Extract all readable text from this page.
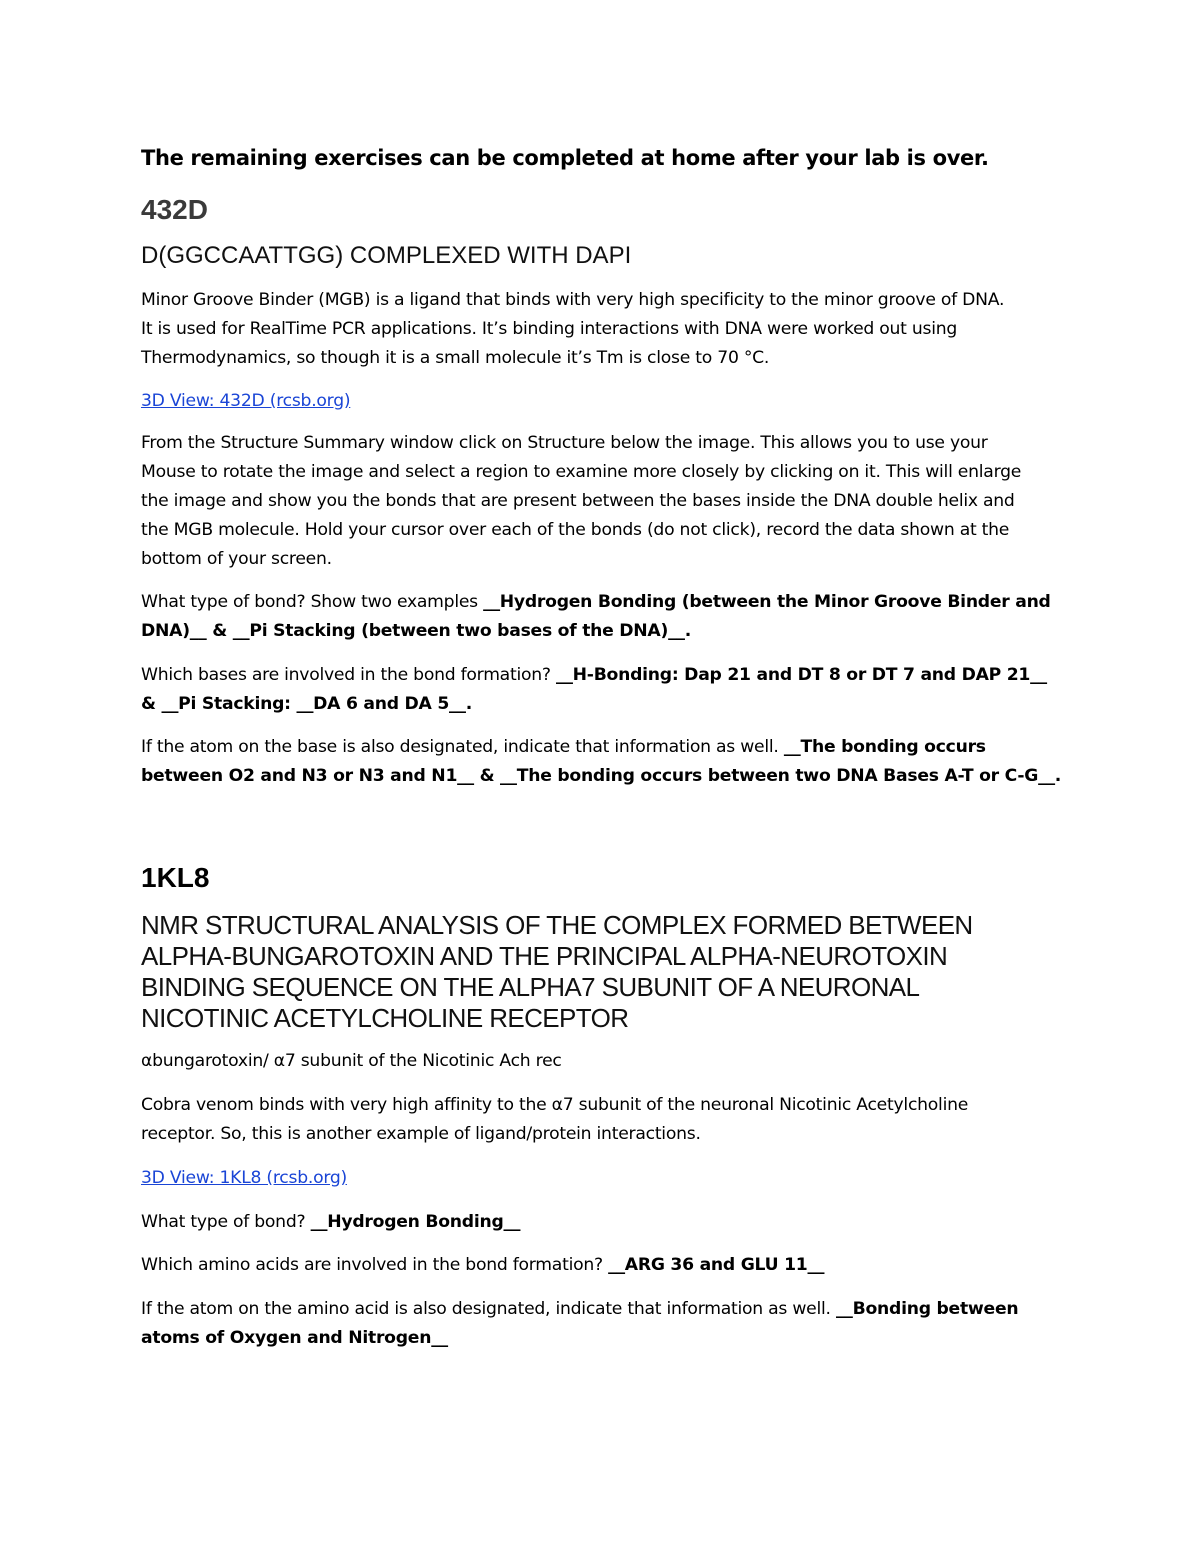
The remaining exercises can be completed at home after your lab is over.

432D

D(GGCCAATTGG) COMPLEXED WITH DAPI

Minor Groove Binder (MGB) is a ligand that binds with very high specificity to the minor groove of DNA.

It is used for RealTime PCR applications. It’s binding interactions with DNA were worked out using

Thermodynamics, so though it is a small molecule it’s Tm is close to 70 °C.

3D View: 432D (rcsb.org)

From the Structure Summary window click on Structure below the image. This allows you to use your

Mouse to rotate the image and select a region to examine more closely by clicking on it. This will enlarge

the image and show you the bonds that are present between the bases inside the DNA double helix and

the MGB molecule. Hold your cursor over each of the bonds (do not click), record the data shown at the

bottom of your screen.

What type of bond? Show two examples __Hydrogen Bonding (between the Minor Groove Binder and

DNA)__ & __Pi Stacking (between two bases of the DNA)__.

Which bases are involved in the bond formation? __H-Bonding: Dap 21 and DT 8 or DT 7 and DAP 21__

& __Pi Stacking: __DA 6 and DA 5__.

If the atom on the base is also designated, indicate that information as well. __The bonding occurs

between O2 and N3 or N3 and N1__ & __The bonding occurs between two DNA Bases A-T or C-G__.

1KL8

NMR STRUCTURAL ANALYSIS OF THE COMPLEX FORMED BETWEEN
ALPHA-BUNGAROTOXIN AND THE PRINCIPAL ALPHA-NEUROTOXIN
BINDING SEQUENCE ON THE ALPHA7 SUBUNIT OF A NEURONAL
NICOTINIC ACETYLCHOLINE RECEPTOR

αbungarotoxin/ α7 subunit of the Nicotinic Ach rec

Cobra venom binds with very high affinity to the α7 subunit of the neuronal Nicotinic Acetylcholine

receptor. So, this is another example of ligand/protein interactions.

3D View: 1KL8 (rcsb.org)

What type of bond? __Hydrogen Bonding__

Which amino acids are involved in the bond formation? __ARG 36 and GLU 11__

If the atom on the amino acid is also designated, indicate that information as well. __Bonding between

atoms of Oxygen and Nitrogen__
